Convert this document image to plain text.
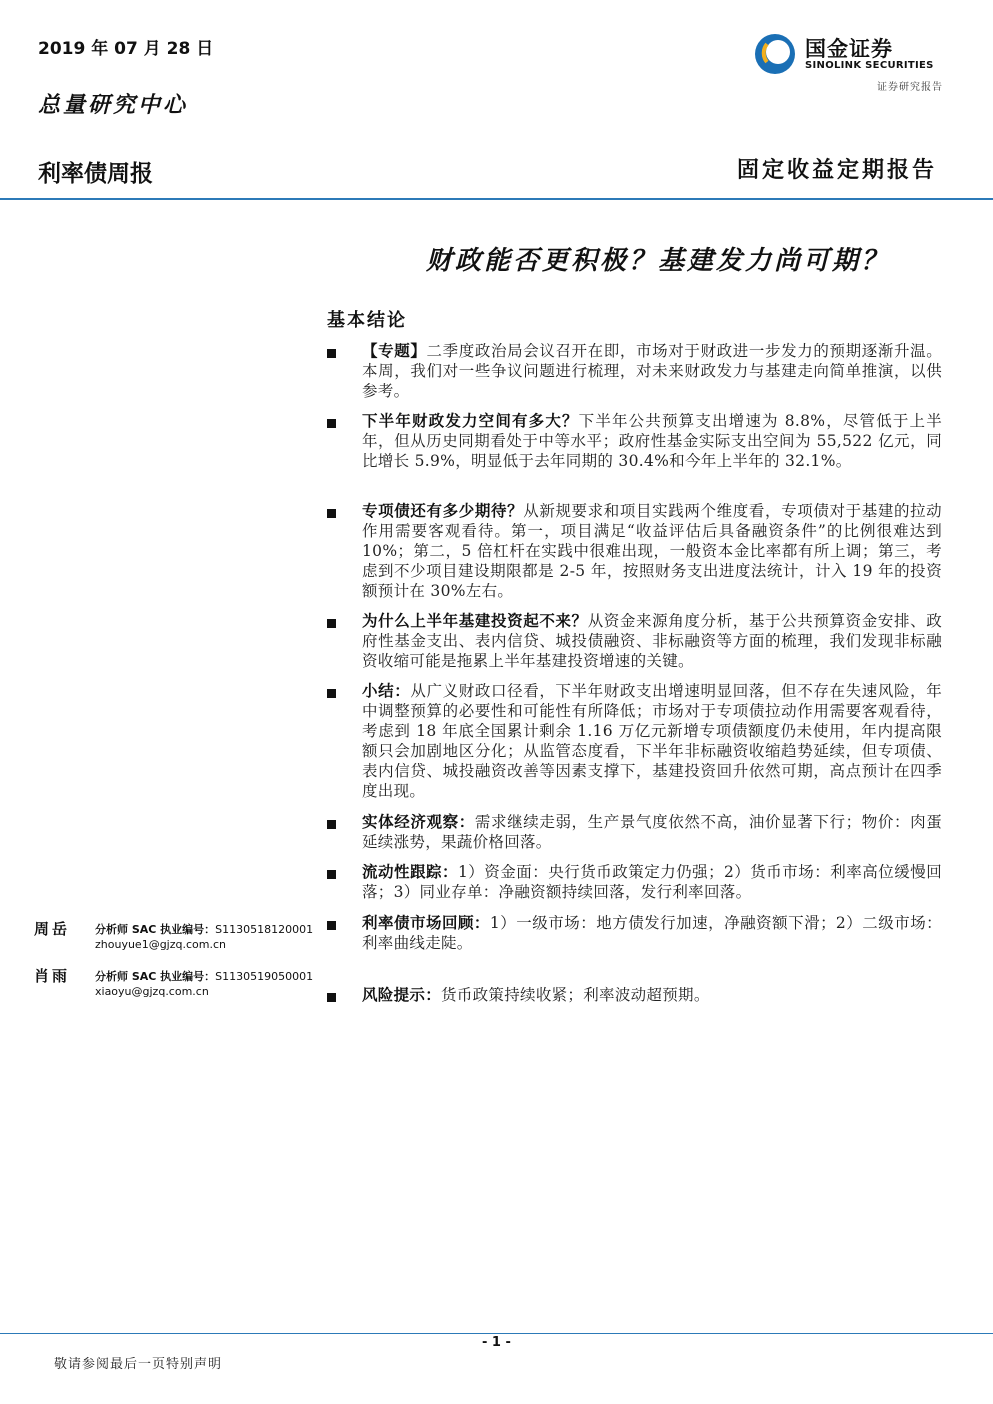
2019 年 07 月 28 日
总量研究中心
国金证券
SINOLINK SECURITIES
证券研究报告
利率债周报	固定收益定期报告
财政能否更积极？基建发力尚可期？
基本结论
【专题】二季度政治局会议召开在即，市场对于财政进一步发力的预期逐渐升温。本周，我们对一些争议问题进行梳理，对未来财政发力与基建走向简单推演，以供参考。
下半年财政发力空间有多大？下半年公共预算支出增速为 8.8%，尽管低于上半年，但从历史同期看处于中等水平；政府性基金实际支出空间为 55,522 亿元，同比增长 5.9%，明显低于去年同期的 30.4%和今年上半年的 32.1%。
专项债还有多少期待？从新规要求和项目实践两个维度看，专项债对于基建的拉动作用需要客观看待。第一，项目满足“收益评估后具备融资条件”的比例很难达到 10%；第二，5 倍杠杆在实践中很难出现，一般资本金比率都有所上调；第三，考虑到不少项目建设期限都是 2-5 年，按照财务支出进度法统计，计入 19 年的投资额预计在 30%左右。
为什么上半年基建投资起不来？从资金来源角度分析，基于公共预算资金安排、政府性基金支出、表内信贷、城投债融资、非标融资等方面的梳理，我们发现非标融资收缩可能是拖累上半年基建投资增速的关键。
小结：从广义财政口径看，下半年财政支出增速明显回落，但不存在失速风险，年中调整预算的必要性和可能性有所降低；市场对于专项债拉动作用需要客观看待，考虑到 18 年底全国累计剩余 1.16 万亿元新增专项债额度仍未使用，年内提高限额只会加剧地区分化；从监管态度看，下半年非标融资收缩趋势延续，但专项债、表内信贷、城投融资改善等因素支撑下，基建投资回升依然可期，高点预计在四季度出现。
实体经济观察：需求继续走弱，生产景气度依然不高，油价显著下行；物价：肉蛋延续涨势，果蔬价格回落。
流动性跟踪：1）资金面：央行货币政策定力仍强；2）货币市场：利率高位缓慢回落；3）同业存单：净融资额持续回落，发行利率回落。
利率债市场回顾：1）一级市场：地方债发行加速，净融资额下滑；2）二级市场：利率曲线走陡。
风险提示：货币政策持续收紧；利率波动超预期。
周岳 分析师 SAC 执业编号：S1130518120001
zhouyue1@gjzq.com.cn
肖雨 分析师 SAC 执业编号：S1130519050001
xiaoyu@gjzq.com.cn
- 1 -
敬请参阅最后一页特别声明
